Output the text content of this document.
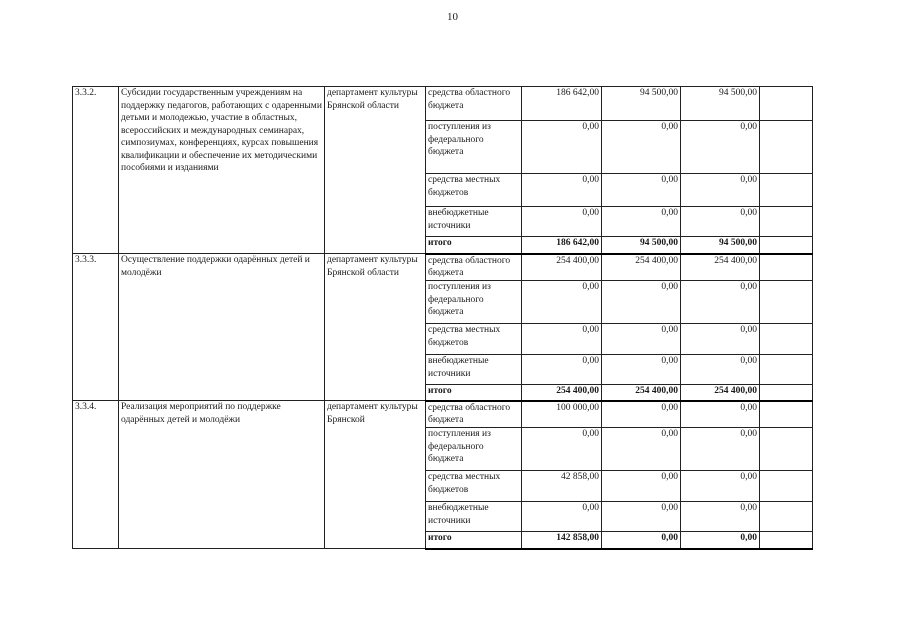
10
3.3.2.	Субсидии государственным учреждениям на поддержку педагогов, работающих с одаренными детьми и молодежью, участие в областных, всероссийских и международных семинарах, симпозиумах, конференциях, курсах повышения квалификации и обеспечение их методическими пособиями и изданиями	департамент культуры Брянской области	средства областного бюджета	186 642,00	94 500,00	94 500,00	
			поступления из федерального бюджета	0,00	0,00	0,00	
			средства местных бюджетов	0,00	0,00	0,00	
			внебюджетные источники	0,00	0,00	0,00	
			итого	186 642,00	94 500,00	94 500,00	
3.3.3.	Осуществление поддержки одарённых детей и молодёжи	департамент культуры Брянской области	средства областного бюджета	254 400,00	254 400,00	254 400,00	
			поступления из федерального бюджета	0,00	0,00	0,00	
			средства местных бюджетов	0,00	0,00	0,00	
			внебюджетные источники	0,00	0,00	0,00	
			итого	254 400,00	254 400,00	254 400,00	
3.3.4.	Реализация мероприятий по поддержке одарённых детей и молодёжи	департамент культуры Брянской	средства областного бюджета	100 000,00	0,00	0,00	
			поступления из федерального бюджета	0,00	0,00	0,00	
			средства местных бюджетов	42 858,00	0,00	0,00	
			внебюджетные источники	0,00	0,00	0,00	
			итого	142 858,00	0,00	0,00	
